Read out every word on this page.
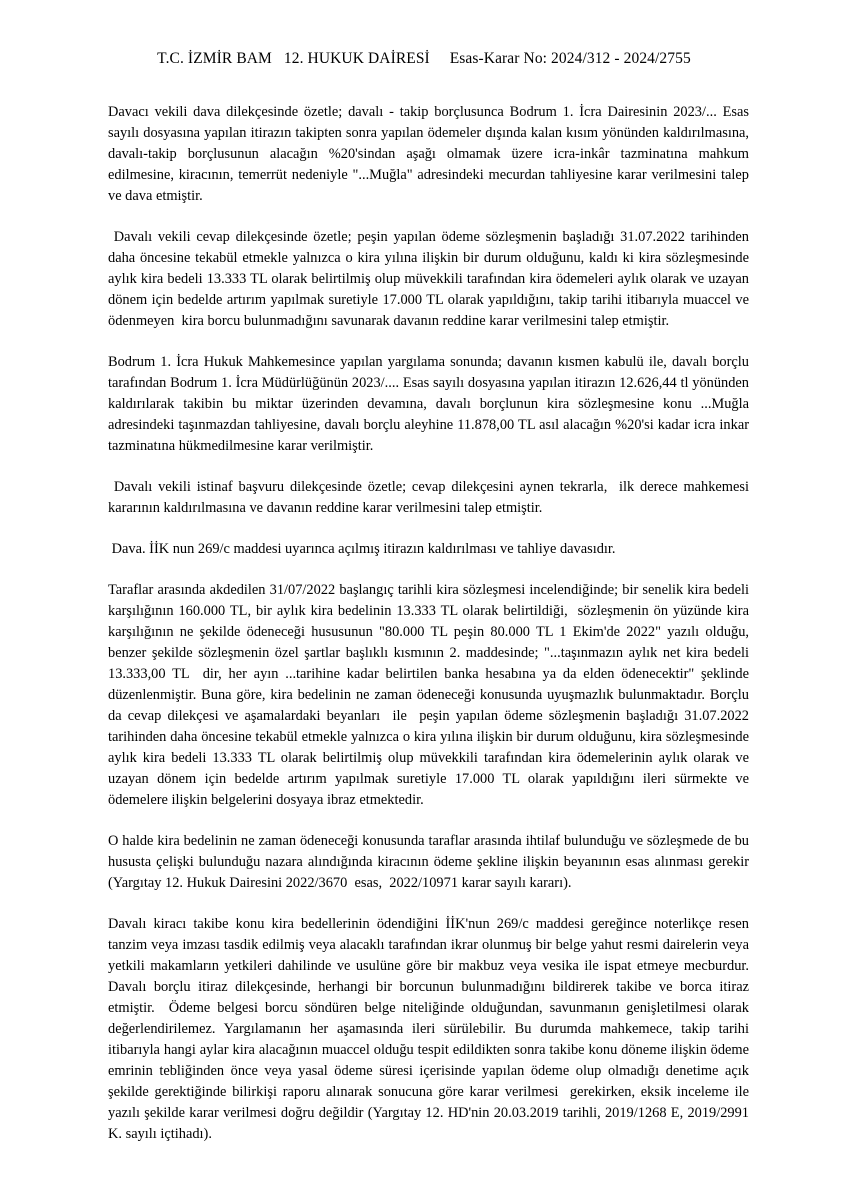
T.C. İZMİR BAM 12. HUKUK DAİRESİ Esas-Karar No: 2024/312 - 2024/2755

Davacı vekili dava dilekçesinde özetle; davalı - takip borçlusunca Bodrum 1. İcra Dairesinin 2023/... Esas sayılı dosyasına yapılan itirazın takipten sonra yapılan ödemeler dışında kalan kısım yönünden kaldırılmasına, davalı-takip borçlusunun alacağın %20'sindan aşağı olmamak üzere icra-inkâr tazminatına mahkum edilmesine, kiracının, temerrüt nedeniyle "...Muğla" adresindeki mecurdan tahliyesine karar verilmesini talep ve dava etmiştir.

Davalı vekili cevap dilekçesinde özetle; peşin yapılan ödeme sözleşmenin başladığı 31.07.2022 tarihinden daha öncesine tekabül etmekle yalnızca o kira yılına ilişkin bir durum olduğunu, kaldı ki kira sözleşmesinde aylık kira bedeli 13.333 TL olarak belirtilmiş olup müvekkili tarafından kira ödemeleri aylık olarak ve uzayan dönem için bedelde artırım yapılmak suretiyle 17.000 TL olarak yapıldığını, takip tarihi itibarıyla muaccel ve ödenmeyen  kira borcu bulunmadığını savunarak davanın reddine karar verilmesini talep etmiştir.

Bodrum 1. İcra Hukuk Mahkemesince yapılan yargılama sonunda; davanın kısmen kabulü ile, davalı borçlu tarafından Bodrum 1. İcra Müdürlüğünün 2023/.... Esas sayılı dosyasına yapılan itirazın 12.626,44 tl yönünden kaldırılarak takibin bu miktar üzerinden devamına, davalı borçlunun kira sözleşmesine konu ...Muğla adresindeki taşınmazdan tahliyesine, davalı borçlu aleyhine 11.878,00 TL asıl alacağın %20'si kadar icra inkar tazminatına hükmedilmesine karar verilmiştir.

Davalı vekili istinaf başvuru dilekçesinde özetle; cevap dilekçesini aynen tekrarla,  ilk derece mahkemesi kararının kaldırılmasına ve davanın reddine karar verilmesini talep etmiştir.

Dava. İİK nun 269/c maddesi uyarınca açılmış itirazın kaldırılması ve tahliye davasıdır.

Taraflar arasında akdedilen 31/07/2022 başlangıç tarihli kira sözleşmesi incelendiğinde; bir senelik kira bedeli karşılığının 160.000 TL, bir aylık kira bedelinin 13.333 TL olarak belirtildiği,  sözleşmenin ön yüzünde kira karşılığının ne şekilde ödeneceği hususunun "80.000 TL peşin 80.000 TL 1 Ekim'de 2022" yazılı olduğu, benzer şekilde sözleşmenin özel şartlar başlıklı kısmının 2. maddesinde; "...taşınmazın aylık net kira bedeli 13.333,00 TL  dir, her ayın ...tarihine kadar belirtilen banka hesabına ya da elden ödenecektir" şeklinde  düzenlenmiştir. Buna göre, kira bedelinin ne zaman ödeneceği konusunda uyuşmazlık bulunmaktadır. Borçlu da cevap dilekçesi ve aşamalardaki beyanları  ile  peşin yapılan ödeme sözleşmenin başladığı 31.07.2022 tarihinden daha öncesine tekabül etmekle yalnızca o kira yılına ilişkin bir durum olduğunu, kira sözleşmesinde aylık kira bedeli 13.333 TL olarak belirtilmiş olup müvekkili tarafından kira ödemelerinin aylık olarak ve uzayan dönem için bedelde artırım yapılmak suretiyle 17.000 TL olarak yapıldığını ileri sürmekte ve ödemelere ilişkin belgelerini dosyaya ibraz etmektedir.

O halde kira bedelinin ne zaman ödeneceği konusunda taraflar arasında ihtilaf bulunduğu ve sözleşmede de bu hususta çelişki bulunduğu nazara alındığında kiracının ödeme şekline ilişkin beyanının esas alınması gerekir (Yargıtay 12. Hukuk Dairesini 2022/3670  esas,  2022/10971 karar sayılı kararı).

Davalı kiracı takibe konu kira bedellerinin ödendiğini İİK'nun 269/c maddesi gereğince noterlikçe resen tanzim veya imzası tasdik edilmiş veya alacaklı tarafından ikrar olunmuş bir belge yahut resmi dairelerin veya yetkili makamların yetkileri dahilinde ve usulüne göre bir makbuz veya vesika ile ispat etmeye mecburdur. Davalı borçlu itiraz dilekçesinde, herhangi bir borcunun bulunmadığını bildirerek takibe ve borca itiraz etmiştir.  Ödeme belgesi borcu söndüren belge niteliğinde olduğundan, savunmanın genişletilmesi olarak değerlendirilemez. Yargılamanın her aşamasında ileri sürülebilir. Bu durumda mahkemece, takip tarihi itibarıyla hangi aylar kira alacağının muaccel olduğu tespit edildikten sonra takibe konu döneme ilişkin ödeme emrinin tebliğinden önce veya yasal ödeme süresi içerisinde yapılan ödeme olup olmadığı denetime açık şekilde gerektiğinde bilirkişi raporu alınarak sonucuna göre karar verilmesi  gerekirken, eksik inceleme ile yazılı şekilde karar verilmesi doğru değildir (Yargıtay 12. HD'nin 20.03.2019 tarihli, 2019/1268 E, 2019/2991 K. sayılı içtihadı).
